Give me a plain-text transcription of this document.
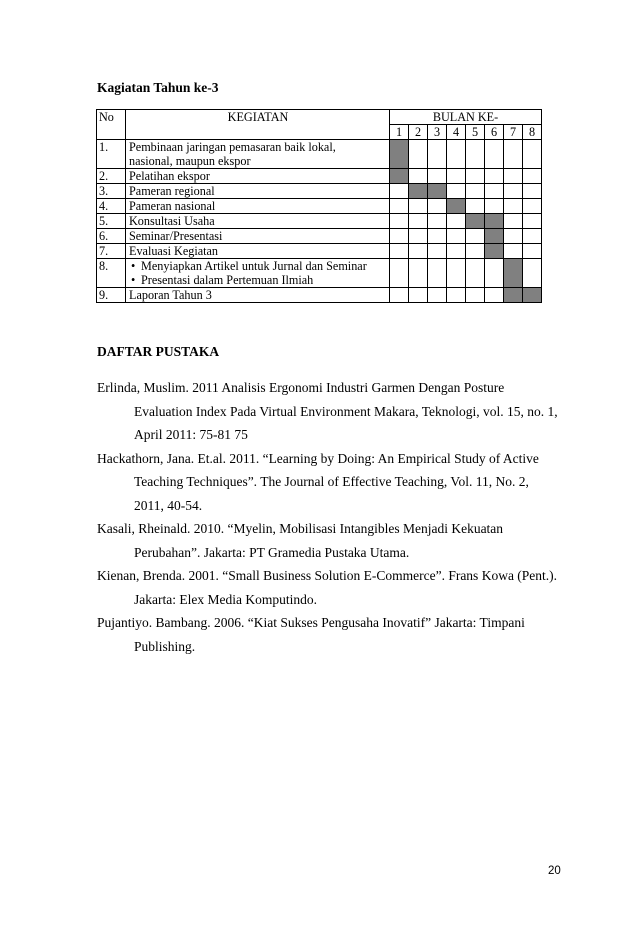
Kagiatan Tahun ke-3
No	KEGIATAN	BULAN KE-							
		1	2	3	4	5	6	7	8
1.	Pembinaan jaringan pemasaran baik lokal,
nasional, maupun ekspor								

2.	Pelatihan ekspor								

3.	Pameran regional								

4.	Pameran nasional								

5.	Konsultasi Usaha								

6.	Seminar/Presentasi								

7.	Evaluasi Kegiatan								

8.	• Menyiapkan Artikel untuk Jurnal dan Seminar
• Presentasi dalam Pertemuan Ilmiah

9.	Laporan Tahun 3								

DAFTAR PUSTAKA

Erlinda, Muslim. 2011 Analisis Ergonomi Industri Garmen Dengan Posture Evaluation Index Pada Virtual Environment Makara, Teknologi, vol. 15, no. 1, April 2011: 75-81 75

Hackathorn, Jana. Et.al. 2011. “Learning by Doing: An Empirical Study of Active Teaching Techniques”. The Journal of Effective Teaching, Vol. 11, No. 2, 2011, 40-54.

Kasali, Rheinald. 2010. “Myelin, Mobilisasi Intangibles Menjadi Kekuatan Perubahan”. Jakarta: PT Gramedia Pustaka Utama.

Kienan, Brenda. 2001. “Small Business Solution E-Commerce”. Frans Kowa (Pent.). Jakarta: Elex Media Komputindo.

Pujantiyo. Bambang. 2006. “Kiat Sukses Pengusaha Inovatif” Jakarta: Timpani Publishing.

20
